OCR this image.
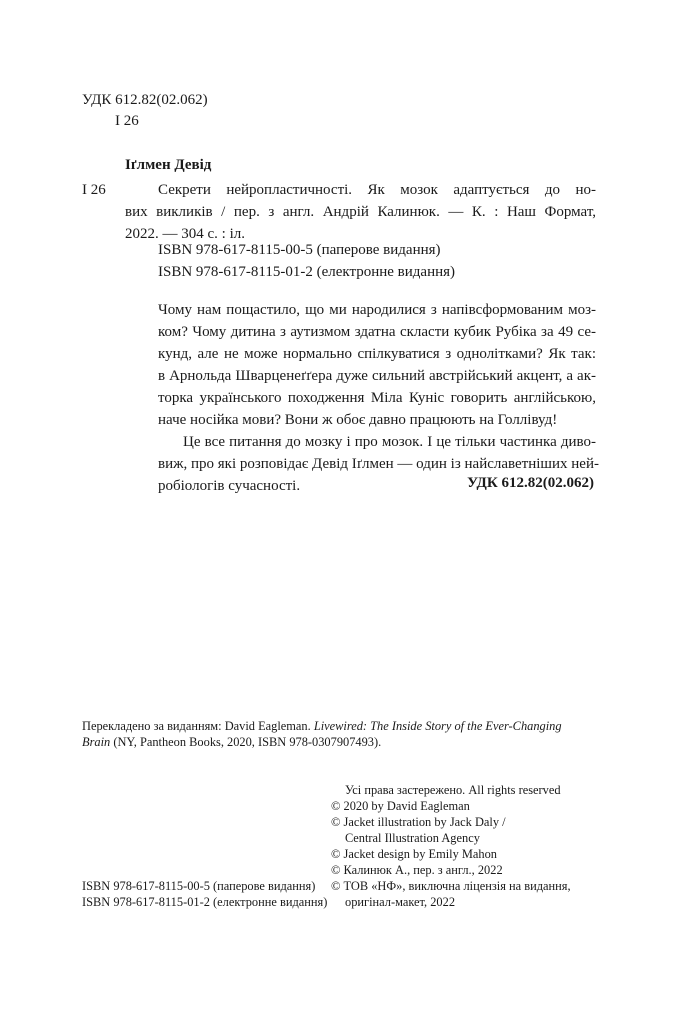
УДК 612.82(02.062)

І 26

Іґлмен Девід

І 26	Секрети нейропластичності. Як мозок адаптується до но-

вих викликів / пер. з англ. Андрій Калинюк. — К. : Наш Формат,

2022. — 304 с. : іл.

ISBN 978-617-8115-00-5 (паперове видання)

ISBN 978-617-8115-01-2 (електронне видання)

Чому нам пощастило, що ми народилися з напівсформованим моз-

ком? Чому дитина з аутизмом здатна скласти кубик Рубіка за 49 се-

кунд, але не може нормально спілкуватися з однолітками? Як так:

в Арнольда Шварценеґґера дуже сильний австрійський акцент, а ак-

торка українського походження Міла Куніс говорить англійською,

наче носійка мови? Вони ж обоє давно працюють на Голлівуд!

Це все питання до мозку і про мозок. І це тільки частинка диво-

виж, про які розповідає Девід Іґлмен — один із найславетніших ней-

робіологів сучасності.	УДК 612.82(02.062)

Перекладено за виданням: David Eagleman. Livewired: The Inside Story of the Ever-Changing

Brain (NY, Pantheon Books, 2020, ISBN 978-0307907493).

Усі права застережено. All rights reserved

© 2020 by David Eagleman

© Jacket illustration by Jack Daly /

Central Illustration Agency

© Jacket design by Emily Mahon

© Калинюк А., пер. з англ., 2022

© ТОВ «НФ», виключна ліцензія на видання,

оригінал-макет, 2022

ISBN 978-617-8115-00-5 (паперове видання)

ISBN 978-617-8115-01-2 (електронне видання)
